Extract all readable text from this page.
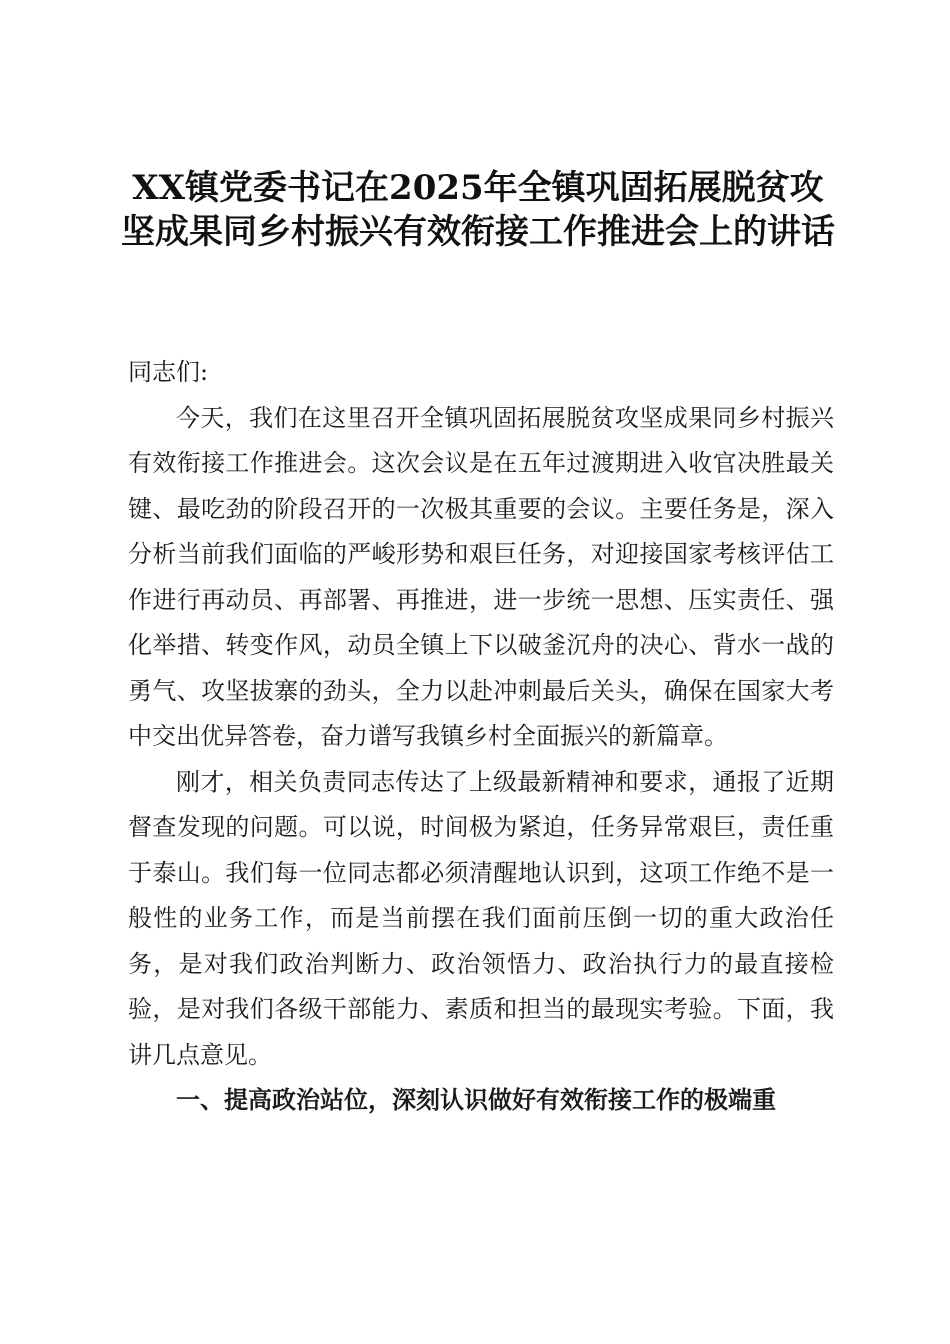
XX镇党委书记在2025年全镇巩固拓展脱贫攻坚成果同乡村振兴有效衔接工作推进会上的讲话

同志们:

今天，我们在这里召开全镇巩固拓展脱贫攻坚成果同乡村振兴有效衔接工作推进会。这次会议是在五年过渡期进入收官决胜最关键、最吃劲的阶段召开的一次极其重要的会议。主要任务是，深入分析当前我们面临的严峻形势和艰巨任务，对迎接国家考核评估工作进行再动员、再部署、再推进，进一步统一思想、压实责任、强化举措、转变作风，动员全镇上下以破釜沉舟的决心、背水一战的勇气、攻坚拔寨的劲头，全力以赴冲刺最后关头，确保在国家大考中交出优异答卷，奋力谱写我镇乡村全面振兴的新篇章。

刚才，相关负责同志传达了上级最新精神和要求，通报了近期督查发现的问题。可以说，时间极为紧迫，任务异常艰巨，责任重于泰山。我们每一位同志都必须清醒地认识到，这项工作绝不是一般性的业务工作，而是当前摆在我们面前压倒一切的重大政治任务，是对我们政治判断力、政治领悟力、政治执行力的最直接检验，是对我们各级干部能力、素质和担当的最现实考验。下面，我讲几点意见。

一、提高政治站位，深刻认识做好有效衔接工作的极端重
